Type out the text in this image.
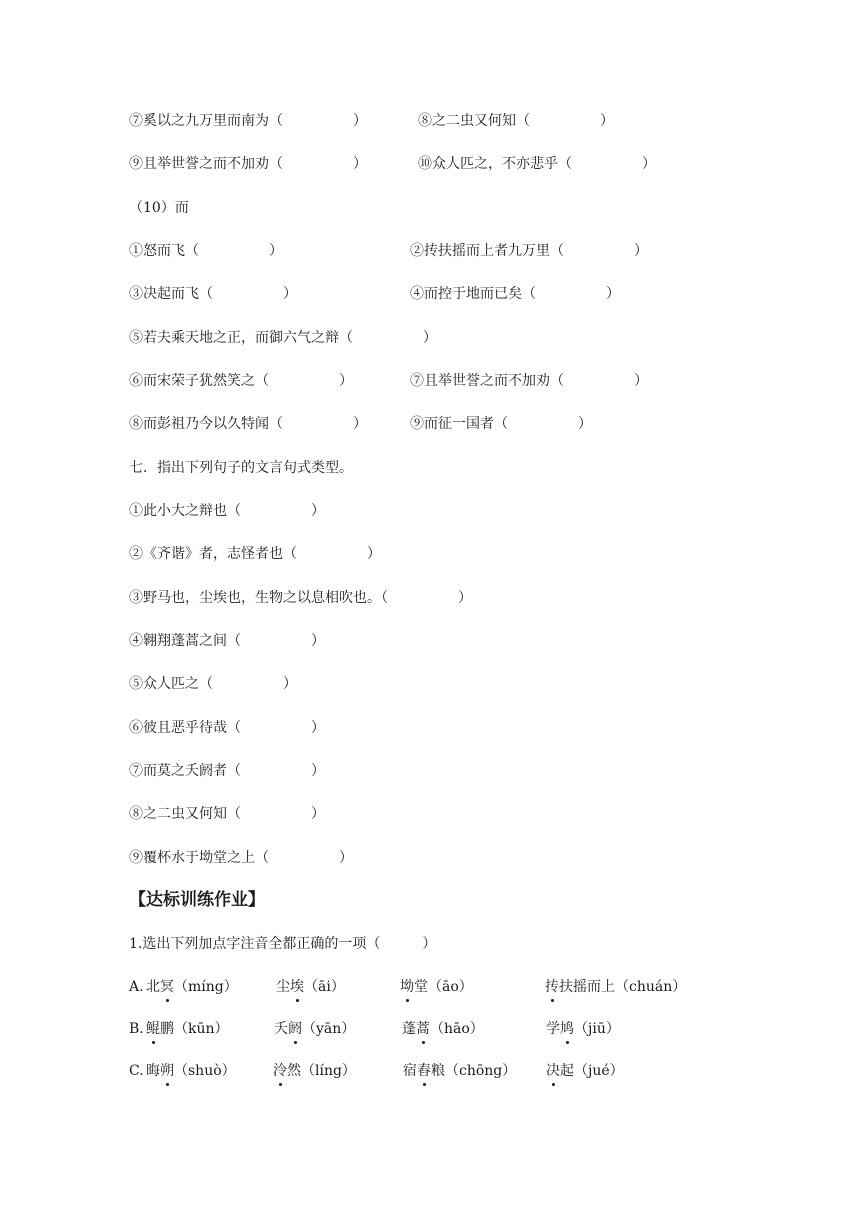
⑦奚以之九万里而南为（　　　　　）	⑧之二虫又何知（　　　　　）
⑨且举世誉之而不加劝（　　　　　）	⑩众人匹之，不亦悲乎（　　　　　）
（10）而
①怒而飞（　　　　　）	②抟扶摇而上者九万里（　　　　　）
③决起而飞（　　　　　）	④而控于地而已矣（　　　　　）
⑤若夫乘天地之正，而御六气之辩（　　　　　）
⑥而宋荣子犹然笑之（　　　　　）	⑦且举世誉之而不加劝（　　　　　）
⑧而彭祖乃今以久特闻（　　　　　）	⑨而征一国者（　　　　　）
七．指出下列句子的文言句式类型。
①此小大之辩也（　　　　　）
②《齐谐》者，志怪者也（　　　　　）
③野马也，尘埃也，生物之以息相吹也。（　　　　　）
④翱翔蓬蒿之间（　　　　　）
⑤众人匹之（　　　　　）
⑥彼且恶乎待哉（　　　　　）
⑦而莫之夭阏者（　　　　　）
⑧之二虫又何知（　　　　　）
⑨覆杯水于坳堂之上（　　　　　）
【达标训练作业】
1.选出下列加点字注音全都正确的一项（　　　）
A. 北冥（míng）	尘埃（āi）	坳堂（āo）	抟扶摇而上（chuán）
B. 鲲鹏（kūn）	夭阏（yān）	蓬蒿（hāo）	学鸠（jiū）
C. 晦朔（shuò）	泠然（líng）	宿舂粮（chōng） 决起（jué）
